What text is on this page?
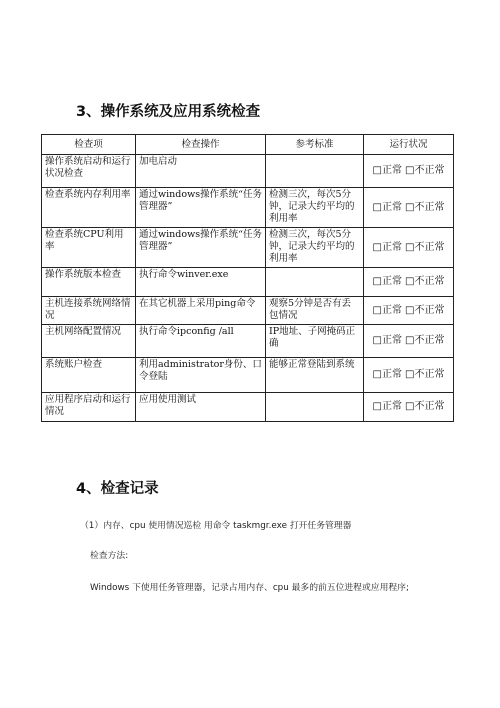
3、操作系统及应用系统检查
检查项	检查操作	参考标准	运行状况
操作系统启动和运行状况检查	加电启动		□正常 □不正常
检查系统内存利用率	通过windows操作系统“任务管理器”	检测三次，每次5分钟，记录大约平均的利用率	□正常 □不正常
检查系统CPU利用率	通过windows操作系统“任务管理器”	检测三次，每次5分钟，记录大约平均的利用率	□正常 □不正常
操作系统版本检查	执行命令winver.exe		□正常 □不正常
主机连接系统网络情况	在其它机器上采用ping命令	观察5分钟是否有丢包情况	□正常 □不正常
主机网络配置情况	执行命令ipconfig /all	IP地址、子网掩码正确	□正常 □不正常
系统账户检查	利用administrator身份、口令登陆	能够正常登陆到系统	□正常 □不正常
应用程序启动和运行情况	应用使用测试		□正常 □不正常
4、检查记录

（1）内存、cpu 使用情况巡检 用命令 taskmgr.exe 打开任务管理器

检查方法:

Windows 下使用任务管理器，记录占用内存、cpu 最多的前五位进程或应用程序;
